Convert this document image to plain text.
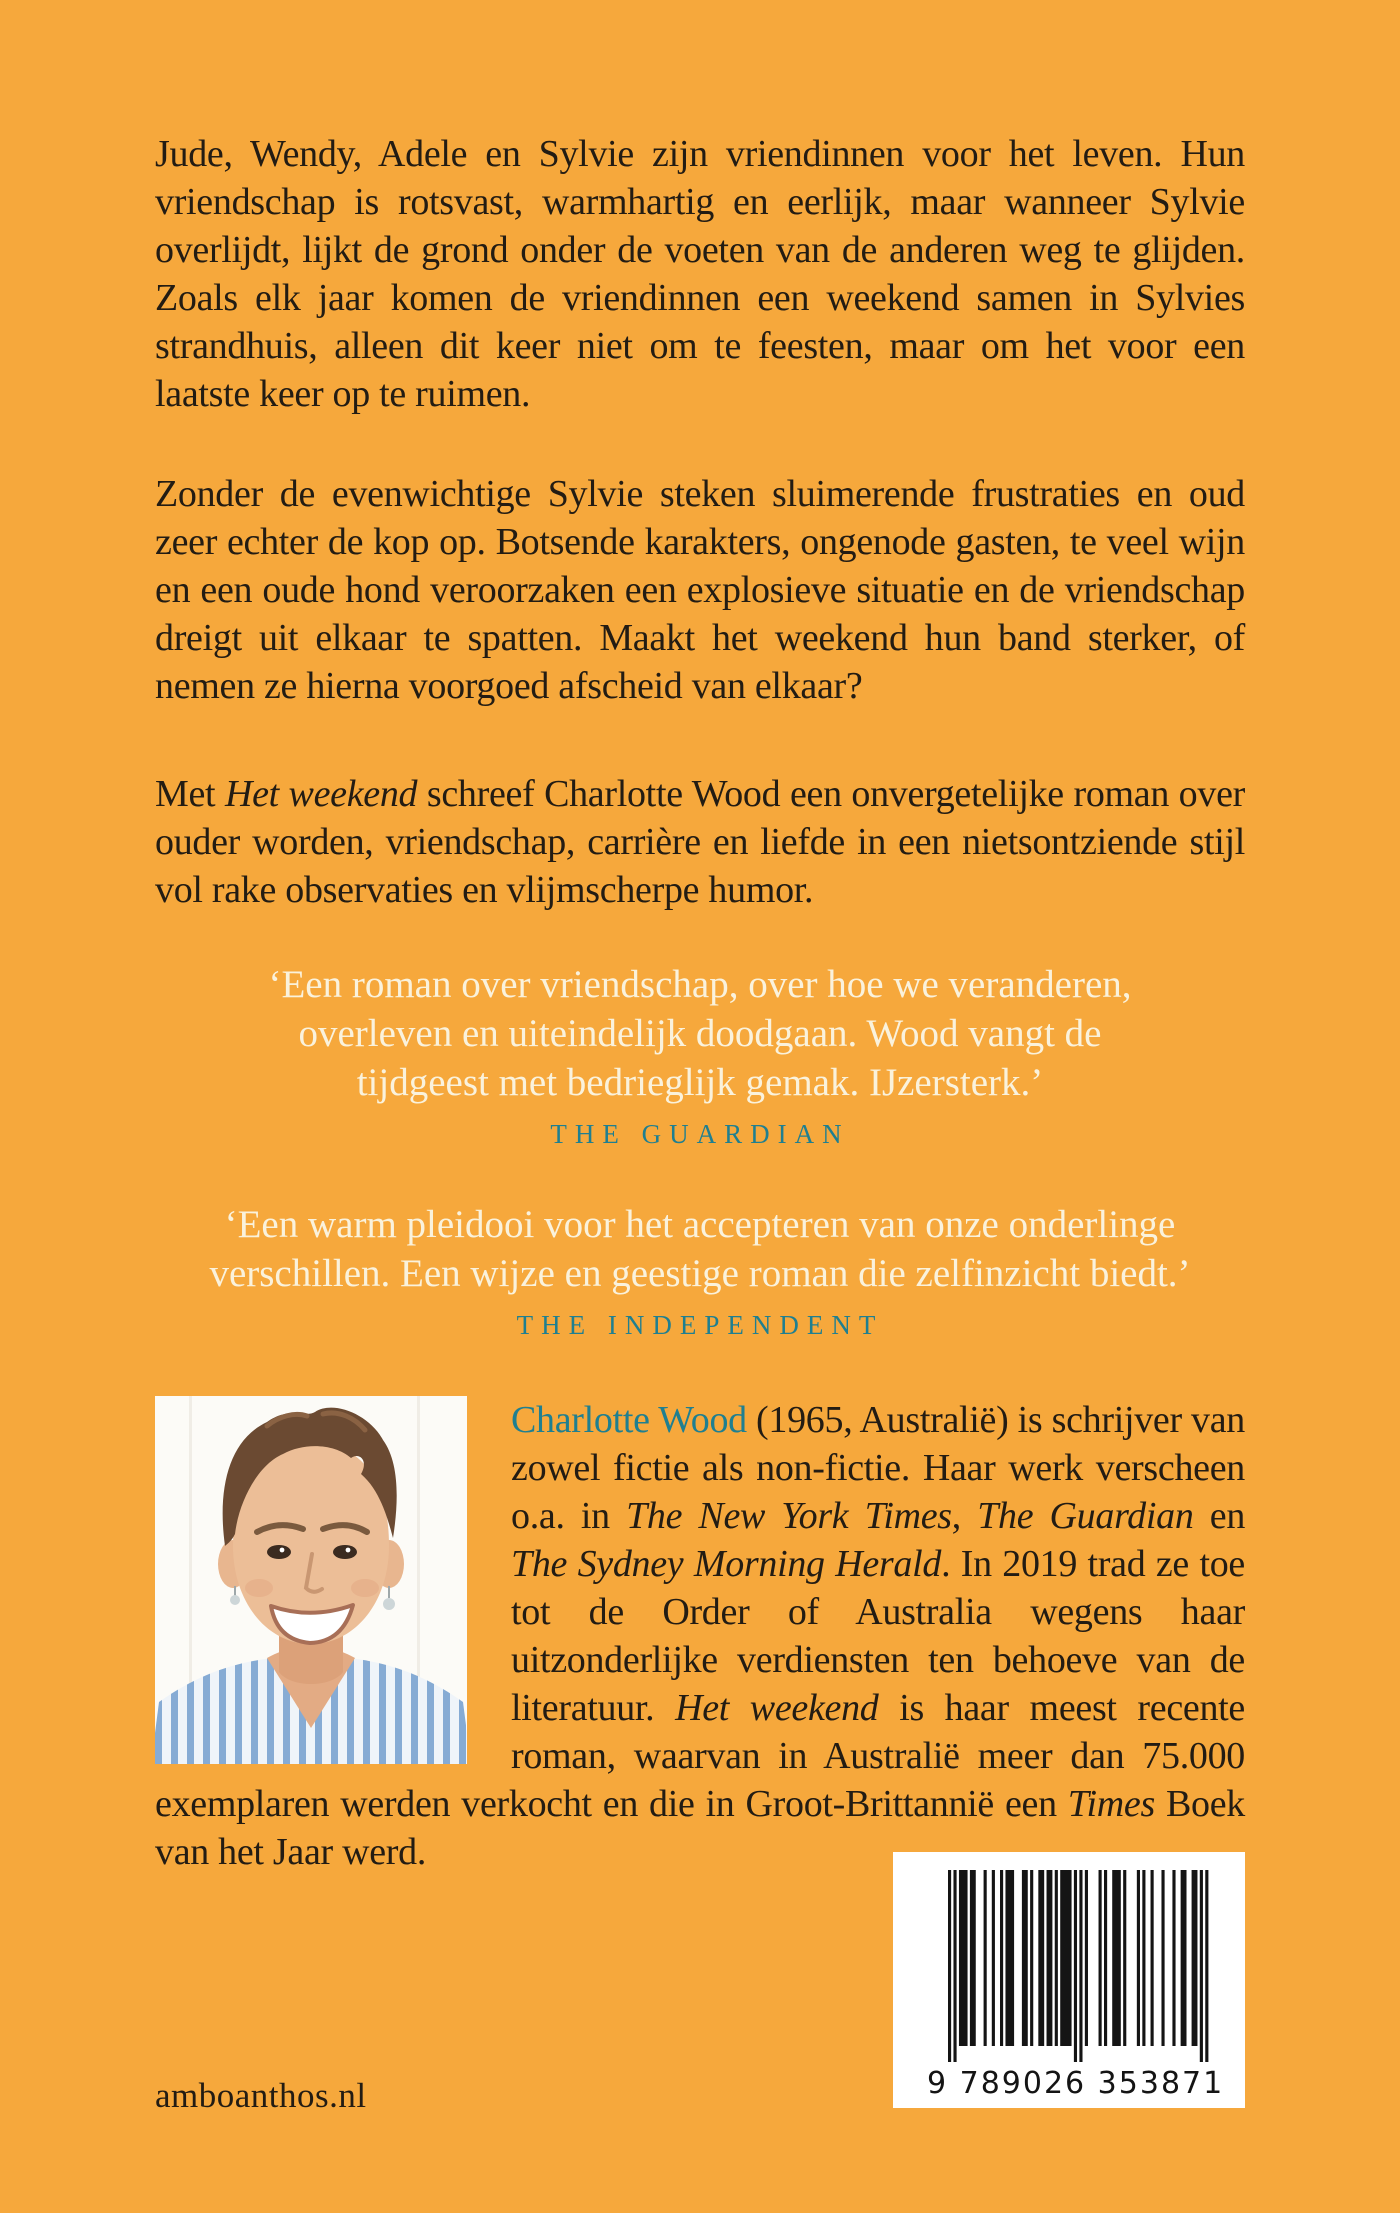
Jude, Wendy, Adele en Sylvie zijn vriendinnen voor het leven. Hun vriendschap is rotsvast, warmhartig en eerlijk, maar wanneer Sylvie overlijdt, lijkt de grond onder de voeten van de anderen weg te glijden. Zoals elk jaar komen de vriendinnen een weekend samen in Sylvies strandhuis, alleen dit keer niet om te feesten, maar om het voor een laatste keer op te ruimen.

Zonder de evenwichtige Sylvie steken sluimerende frustraties en oud zeer echter de kop op. Botsende karakters, ongenode gasten, te veel wijn en een oude hond veroorzaken een explosieve situatie en de vriendschap dreigt uit elkaar te spatten. Maakt het weekend hun band sterker, of nemen ze hierna voorgoed afscheid van elkaar?

Met Het weekend schreef Charlotte Wood een onvergetelijke roman over ouder worden, vriendschap, carrière en liefde in een nietsontziende stijl vol rake observaties en vlijmscherpe humor.

‘Een roman over vriendschap, over hoe we veranderen, overleven en uiteindelijk doodgaan. Wood vangt de tijdgeest met bedrieglijk gemak. IJzersterk.’

THE GUARDIAN

‘Een warm pleidooi voor het accepteren van onze onderlinge verschillen. Een wijze en geestige roman die zelfinzicht biedt.’

THE INDEPENDENT

Charlotte Wood (1965, Australië) is schrijver van zowel fictie als non-fictie. Haar werk verscheen o.a. in The New York Times, The Guardian en The Sydney Morning Herald. In 2019 trad ze toe tot de Order of Australia wegens haar uitzonderlijke verdiensten ten behoeve van de literatuur. Het weekend is haar meest recente roman, waarvan in Australië meer dan 75.000 exemplaren werden verkocht en die in Groot-Brittannië een Times Boek van het Jaar werd.

9 789026 353871
amboanthos.nl
